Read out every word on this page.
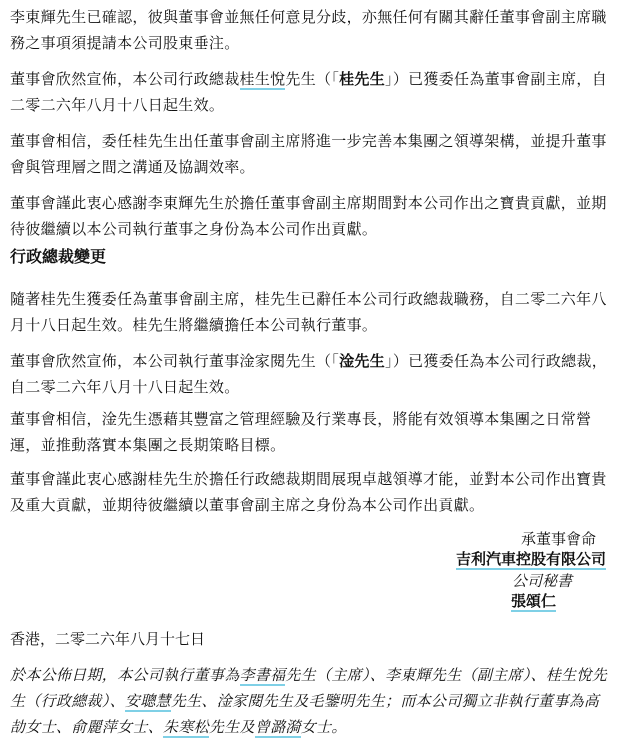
李東輝先生已確認，彼與董事會並無任何意見分歧，亦無任何有關其辭任董事會副主席職務之事項須提請本公司股東垂注。

董事會欣然宣佈，本公司行政總裁桂生悅先生（「桂先生」）已獲委任為董事會副主席，自二零二六年八月十八日起生效。

董事會相信，委任桂先生出任董事會副主席將進一步完善本集團之領導架構，並提升董事會與管理層之間之溝通及協調效率。

董事會謹此衷心感謝李東輝先生於擔任董事會副主席期間對本公司作出之寶貴貢獻，並期待彼繼續以本公司執行董事之身份為本公司作出貢獻。

行政總裁變更

隨著桂先生獲委任為董事會副主席，桂先生已辭任本公司行政總裁職務，自二零二六年八月十八日起生效。桂先生將繼續擔任本公司執行董事。

董事會欣然宣佈，本公司執行董事淦家閱先生（「淦先生」）已獲委任為本公司行政總裁，自二零二六年八月十八日起生效。

董事會相信，淦先生憑藉其豐富之管理經驗及行業專長，將能有效領導本集團之日常營運，並推動落實本集團之長期策略目標。

董事會謹此衷心感謝桂先生於擔任行政總裁期間展現卓越領導才能，並對本公司作出寶貴及重大貢獻，並期待彼繼續以董事會副主席之身份為本公司作出貢獻。

承董事會命
吉利汽車控股有限公司
公司秘書
張頌仁
香港，二零二六年八月十七日

於本公佈日期，本公司執行董事為李書福先生（主席）、李東輝先生（副主席）、桂生悅先生（行政總裁）、安聰慧先生、淦家閱先生及毛鑒明先生；而本公司獨立非執行董事為高劼女士、俞麗萍女士、朱寒松先生及曾潞漪女士。
